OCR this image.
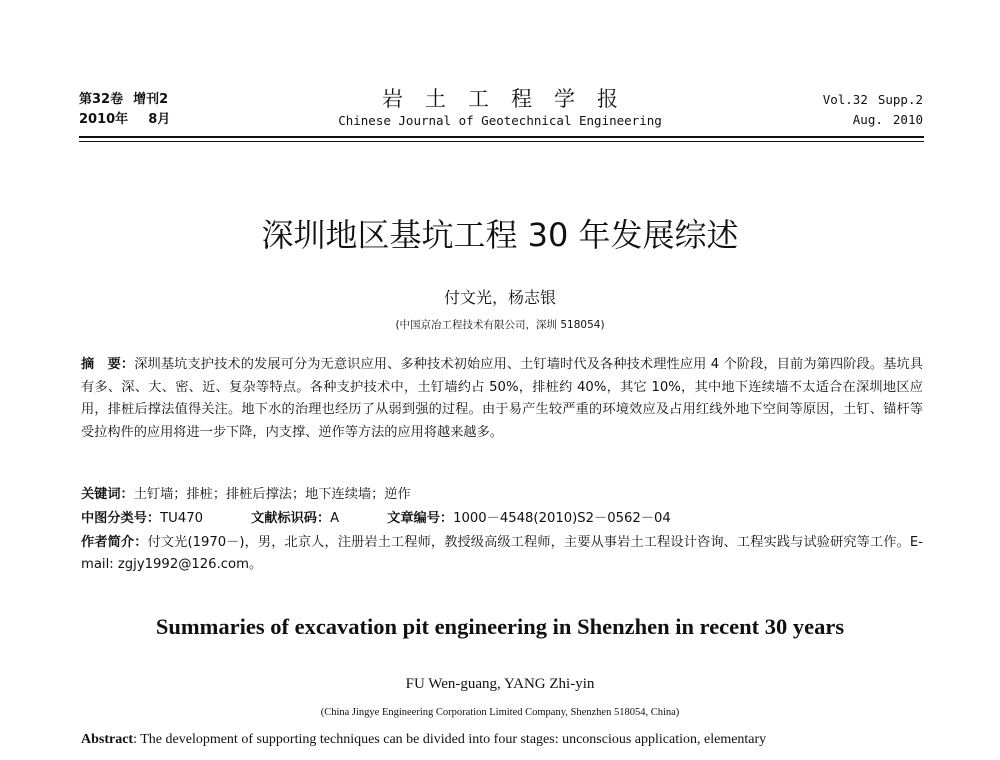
第32卷 增刊2
2010年 8月
岩土工程学报
Chinese Journal of Geotechnical Engineering
Vol.32 Supp.2
Aug. 2010
深圳地区基坑工程 30 年发展综述
付文光，杨志银
(中国京冶工程技术有限公司，深圳 518054)
摘　要：深圳基坑支护技术的发展可分为无意识应用、多种技术初始应用、土钉墙时代及各种技术理性应用 4 个阶段，目前为第四阶段。基坑具有多、深、大、密、近、复杂等特点。各种支护技术中，土钉墙约占 50%，排桩约 40%，其它 10%，其中地下连续墙不太适合在深圳地区应用，排桩后撑法值得关注。地下水的治理也经历了从弱到强的过程。由于易产生较严重的环境效应及占用红线外地下空间等原因，土钉、锚杆等受拉构件的应用将进一步下降，内支撑、逆作等方法的应用将越来越多。
关键词：土钉墙；排桩；排桩后撑法；地下连续墙；逆作
中图分类号：TU470	文献标识码：A	文章编号：1000－4548(2010)S2－0562－04
作者简介：付文光(1970－)，男，北京人，注册岩土工程师，教授级高级工程师，主要从事岩土工程设计咨询、工程实践与试验研究等工作。E-mail: zgjy1992@126.com。
Summaries of excavation pit engineering in Shenzhen in recent 30 years
FU Wen-guang, YANG Zhi-yin
(China Jingye Engineering Corporation Limited Company, Shenzhen 518054, China)
Abstract: The development of supporting techniques can be divided into four stages: unconscious application, elementary
